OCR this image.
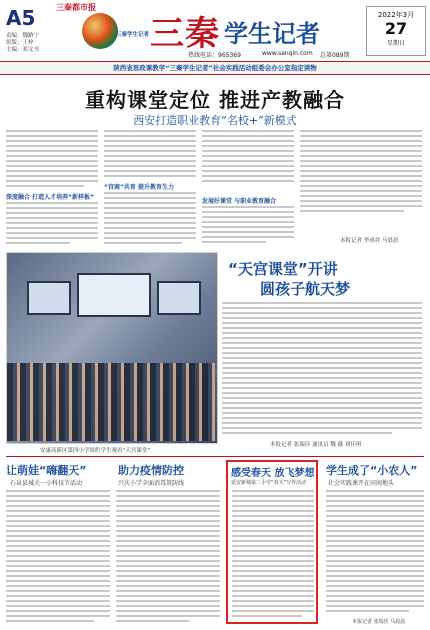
A5	三秦都市报
责编：魏路宁
组版：王梓
主编：邓文书
三秦学生记者 三秦 学生记者
热线电话：965369	www.sanqin.com 总第089期
2022年3月
27
星期日
陕西省思政课教学“三秦学生记者”社会实践活动组委会办公室指定读物
重构课堂定位 推进产教融合
西安打造职业教育“名校+”新模式
深度融合 打造人才培养“新样板”
“宫商”共育 提升教育生力
发展好课堂 与职业教育融合
本报记者 李成祥 马晨晨
安康高新区第四小学组织学生观看“天宫课堂”
“天宫课堂”开讲
圆孩子航天梦
本报记者 张瑞佳 通讯员 魏 薇 刘佳琪
让萌娃“嗨翻天”
石泉县城关一小科技节活动
助力疫情防控
兴庆小学全面消毒筑防线
感受春天 放飞梦想
延安新城第二小学“春天”写作活动
学生成了“小农人”
社会实践课开在田间地头
本报记者 张瑞佳 马晨晨
